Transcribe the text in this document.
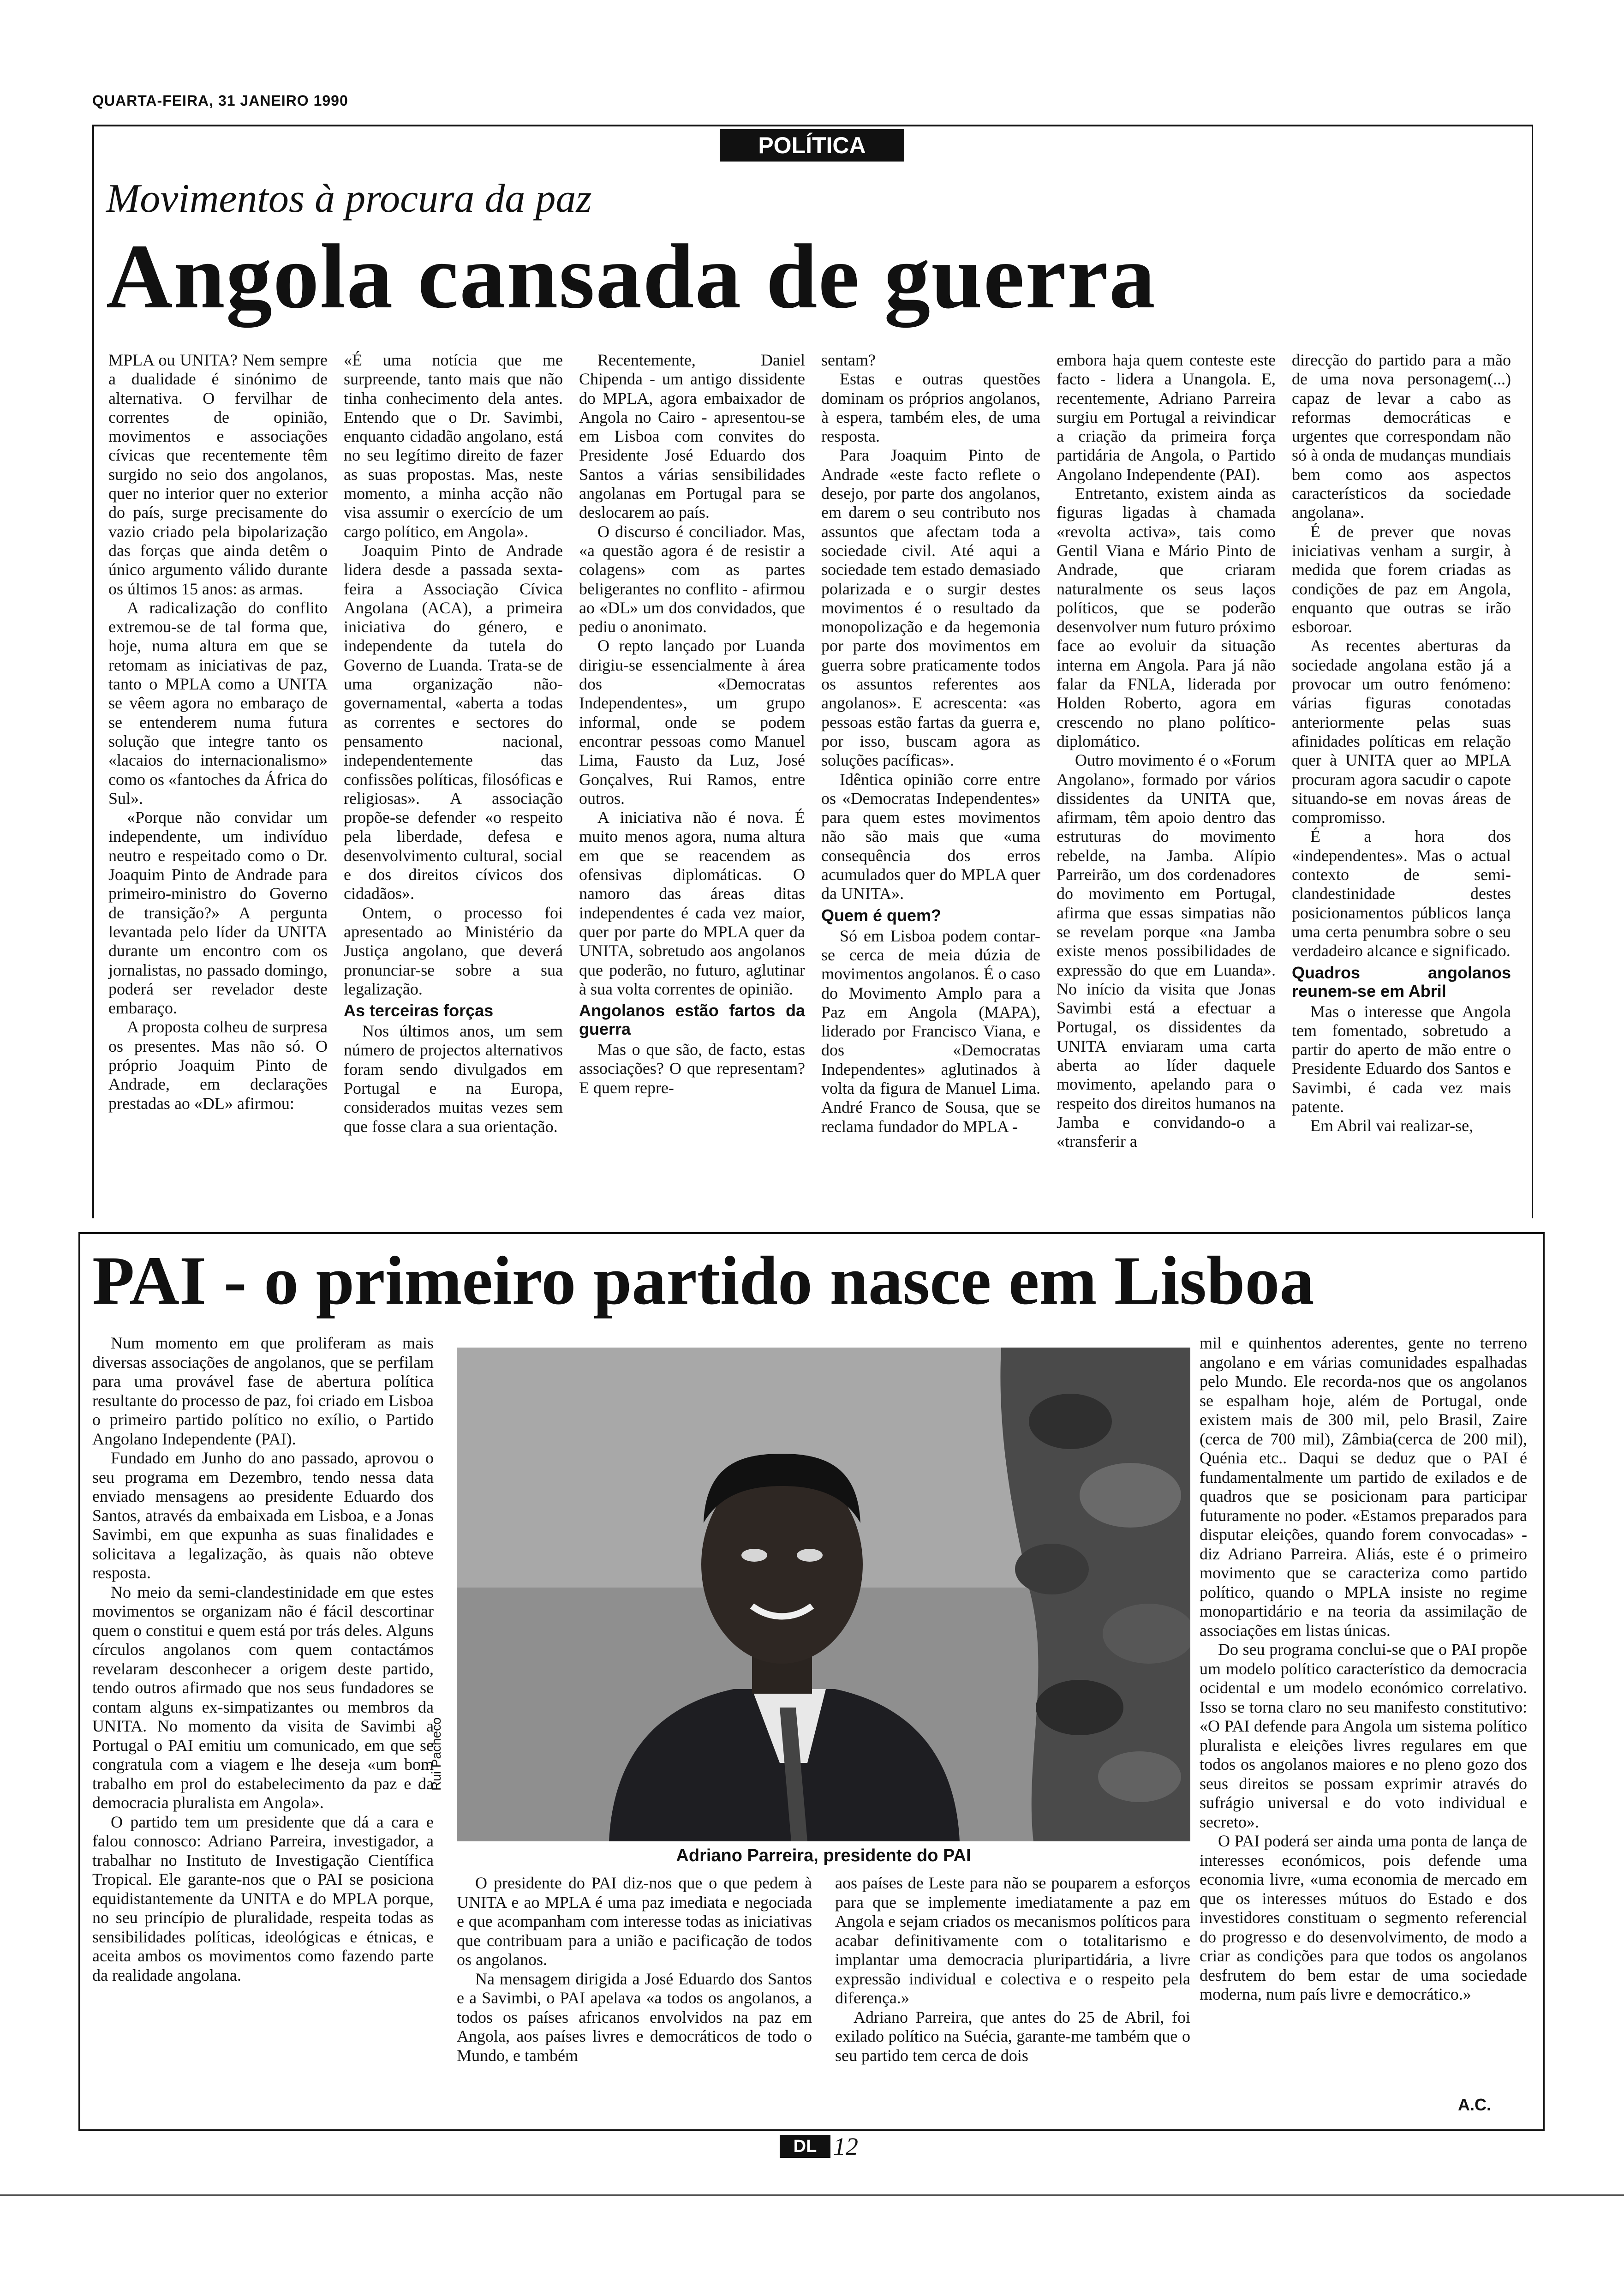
QUARTA-FEIRA, 31 JANEIRO 1990
POLÍTICA
Movimentos à procura da paz
Angola cansada de guerra

MPLA ou UNITA? Nem sempre a dualidade é sinónimo de alternativa. O fervilhar de correntes de opinião, movimentos e associações cívicas que recentemente têm surgido no seio dos angolanos, quer no interior quer no exterior do país, surge precisamente do vazio criado pela bipolarização das forças que ainda detêm o único argumento válido durante os últimos 15 anos: as armas.

A radicalização do conflito extremou-se de tal forma que, hoje, numa altura em que se retomam as iniciativas de paz, tanto o MPLA como a UNITA se vêem agora no embaraço de se entenderem numa futura solução que integre tanto os «lacaios do internacionalismo» como os «fantoches da África do Sul».

«Porque não convidar um independente, um indivíduo neutro e respeitado como o Dr. Joaquim Pinto de Andrade para primeiro-ministro do Governo de transição?» A pergunta levantada pelo líder da UNITA durante um encontro com os jornalistas, no passado domingo, poderá ser revelador deste embaraço.

A proposta colheu de surpresa os presentes. Mas não só. O próprio Joaquim Pinto de Andrade, em declarações prestadas ao «DL» afirmou:

«É uma notícia que me surpreende, tanto mais que não tinha conhecimento dela antes. Entendo que o Dr. Savimbi, enquanto cidadão angolano, está no seu legítimo direito de fazer as suas propostas. Mas, neste momento, a minha acção não visa assumir o exercício de um cargo político, em Angola».

Joaquim Pinto de Andrade lidera desde a passada sexta-feira a Associação Cívica Angolana (ACA), a primeira iniciativa do género, e independente da tutela do Governo de Luanda. Trata-se de uma organização não-governamental, «aberta a todas as correntes e sectores do pensamento nacional, independentemente das confissões políticas, filosóficas e religiosas». A associação propõe-se defender «o respeito pela liberdade, defesa e desenvolvimento cultural, social e dos direitos cívicos dos cidadãos».

Ontem, o processo foi apresentado ao Ministério da Justiça angolano, que deverá pronunciar-se sobre a sua legalização.

As terceiras forças

Nos últimos anos, um sem número de projectos alternativos foram sendo divulgados em Portugal e na Europa, considerados muitas vezes sem que fosse clara a sua orientação.

Recentemente, Daniel Chipenda - um antigo dissidente do MPLA, agora embaixador de Angola no Cairo - apresentou-se em Lisboa com convites do Presidente José Eduardo dos Santos a várias sensibilidades angolanas em Portugal para se deslocarem ao país.

O discurso é conciliador. Mas, «a questão agora é de resistir a colagens» com as partes beligerantes no conflito - afirmou ao «DL» um dos convidados, que pediu o anonimato.

O repto lançado por Luanda dirigiu-se essencialmente à área dos «Democratas Independentes», um grupo informal, onde se podem encontrar pessoas como Manuel Lima, Fausto da Luz, José Gonçalves, Rui Ramos, entre outros.

A iniciativa não é nova. É muito menos agora, numa altura em que se reacendem as ofensivas diplomáticas. O namoro das áreas ditas independentes é cada vez maior, quer por parte do MPLA quer da UNITA, sobretudo aos angolanos que poderão, no futuro, aglutinar à sua volta correntes de opinião.

Angolanos estão fartos da guerra

Mas o que são, de facto, estas associações? O que representam? E quem repre-

sentam?

Estas e outras questões dominam os próprios angolanos, à espera, também eles, de uma resposta.

Para Joaquim Pinto de Andrade «este facto reflete o desejo, por parte dos angolanos, em darem o seu contributo nos assuntos que afectam toda a sociedade civil. Até aqui a sociedade tem estado demasiado polarizada e o surgir destes movimentos é o resultado da monopolização e da hegemonia por parte dos movimentos em guerra sobre praticamente todos os assuntos referentes aos angolanos». E acrescenta: «as pessoas estão fartas da guerra e, por isso, buscam agora as soluções pacíficas».

Idêntica opinião corre entre os «Democratas Independentes» para quem estes movimentos não são mais que «uma consequência dos erros acumulados quer do MPLA quer da UNITA».

Quem é quem?

Só em Lisboa podem contar-se cerca de meia dúzia de movimentos angolanos. É o caso do Movimento Amplo para a Paz em Angola (MAPA), liderado por Francisco Viana, e dos «Democratas Independentes» aglutinados à volta da figura de Manuel Lima. André Franco de Sousa, que se reclama fundador do MPLA -

embora haja quem conteste este facto - lidera a Unangola. E, recentemente, Adriano Parreira surgiu em Portugal a reivindicar a criação da primeira força partidária de Angola, o Partido Angolano Independente (PAI).

Entretanto, existem ainda as figuras ligadas à chamada «revolta activa», tais como Gentil Viana e Mário Pinto de Andrade, que criaram naturalmente os seus laços políticos, que se poderão desenvolver num futuro próximo face ao evoluir da situação interna em Angola. Para já não falar da FNLA, liderada por Holden Roberto, agora em crescendo no plano político-diplomático.

Outro movimento é o «Forum Angolano», formado por vários dissidentes da UNITA que, afirmam, têm apoio dentro das estruturas do movimento rebelde, na Jamba. Alípio Parreirão, um dos cordenadores do movimento em Portugal, afirma que essas simpatias não se revelam porque «na Jamba existe menos possibilidades de expressão do que em Luanda». No início da visita que Jonas Savimbi está a efectuar a Portugal, os dissidentes da UNITA enviaram uma carta aberta ao líder daquele movimento, apelando para o respeito dos direitos humanos na Jamba e convidando-o a «transferir a

direcção do partido para a mão de uma nova personagem(...) capaz de levar a cabo as reformas democráticas e urgentes que correspondam não só à onda de mudanças mundiais bem como aos aspectos característicos da sociedade angolana».

É de prever que novas iniciativas venham a surgir, à medida que forem criadas as condições de paz em Angola, enquanto que outras se irão esboroar.

As recentes aberturas da sociedade angolana estão já a provocar um outro fenómeno: várias figuras conotadas anteriormente pelas suas afinidades políticas em relação quer à UNITA quer ao MPLA procuram agora sacudir o capote situando-se em novas áreas de compromisso.

É a hora dos «independentes». Mas o actual contexto de semi-clandestinidade destes posicionamentos públicos lança uma certa penumbra sobre o seu verdadeiro alcance e significado.

Quadros angolanos reunem-se em Abril

Mas o interesse que Angola tem fomentado, sobretudo a partir do aperto de mão entre o Presidente Eduardo dos Santos e Savimbi, é cada vez mais patente.

Em Abril vai realizar-se,

PAI - o primeiro partido nasce em Lisboa

Num momento em que proliferam as mais diversas associações de angolanos, que se perfilam para uma provável fase de abertura política resultante do processo de paz, foi criado em Lisboa o primeiro partido político no exílio, o Partido Angolano Independente (PAI).

Fundado em Junho do ano passado, aprovou o seu programa em Dezembro, tendo nessa data enviado mensagens ao presidente Eduardo dos Santos, através da embaixada em Lisboa, e a Jonas Savimbi, em que expunha as suas finalidades e solicitava a legalização, às quais não obteve resposta.

No meio da semi-clandestinidade em que estes movimentos se organizam não é fácil descortinar quem o constitui e quem está por trás deles. Alguns círculos angolanos com quem contactámos revelaram desconhecer a origem deste partido, tendo outros afirmado que nos seus fundadores se contam alguns ex-simpatizantes ou membros da UNITA. No momento da visita de Savimbi a Portugal o PAI emitiu um comunicado, em que se congratula com a viagem e lhe deseja «um bom trabalho em prol do estabelecimento da paz e da democracia pluralista em Angola».

O partido tem um presidente que dá a cara e falou connosco: Adriano Parreira, investigador, a trabalhar no Instituto de Investigação Científica Tropical. Ele garante-nos que o PAI se posiciona equidistantemente da UNITA e do MPLA porque, no seu princípio de pluralidade, respeita todas as sensibilidades políticas, ideológicas e étnicas, e aceita ambos os movimentos como fazendo parte da realidade angolana.

Rui Pacheco
Adriano Parreira, presidente do PAI

O presidente do PAI diz-nos que o que pedem à UNITA e ao MPLA é uma paz imediata e negociada e que acompanham com interesse todas as iniciativas que contribuam para a união e pacificação de todos os angolanos.

Na mensagem dirigida a José Eduardo dos Santos e a Savimbi, o PAI apelava «a todos os angolanos, a todos os países africanos envolvidos na paz em Angola, aos países livres e democráticos de todo o Mundo, e também

aos países de Leste para não se pouparem a esforços para que se implemente imediatamente a paz em Angola e sejam criados os mecanismos políticos para acabar definitivamente com o totalitarismo e implantar uma democracia pluripartidária, a livre expressão individual e colectiva e o respeito pela diferença.»

Adriano Parreira, que antes do 25 de Abril, foi exilado político na Suécia, garante-me também que o seu partido tem cerca de dois

mil e quinhentos aderentes, gente no terreno angolano e em várias comunidades espalhadas pelo Mundo. Ele recorda-nos que os angolanos se espalham hoje, além de Portugal, onde existem mais de 300 mil, pelo Brasil, Zaire (cerca de 700 mil), Zâmbia(cerca de 200 mil), Quénia etc.. Daqui se deduz que o PAI é fundamentalmente um partido de exilados e de quadros que se posicionam para participar futuramente no poder. «Estamos preparados para disputar eleições, quando forem convocadas» - diz Adriano Parreira. Aliás, este é o primeiro movimento que se caracteriza como partido político, quando o MPLA insiste no regime monopartidário e na teoria da assimilação de associações em listas únicas.

Do seu programa conclui-se que o PAI propõe um modelo político característico da democracia ocidental e um modelo económico correlativo. Isso se torna claro no seu manifesto constitutivo: «O PAI defende para Angola um sistema político pluralista e eleições livres regulares em que todos os angolanos maiores e no pleno gozo dos seus direitos se possam exprimir através do sufrágio universal e do voto individual e secreto».

O PAI poderá ser ainda uma ponta de lança de interesses económicos, pois defende uma economia livre, «uma economia de mercado em que os interesses mútuos do Estado e dos investidores constituam o segmento referencial do progresso e do desenvolvimento, de modo a criar as condições para que todos os angolanos desfrutem do bem estar de uma sociedade moderna, num país livre e democrático.»

A.C.
DL 12
